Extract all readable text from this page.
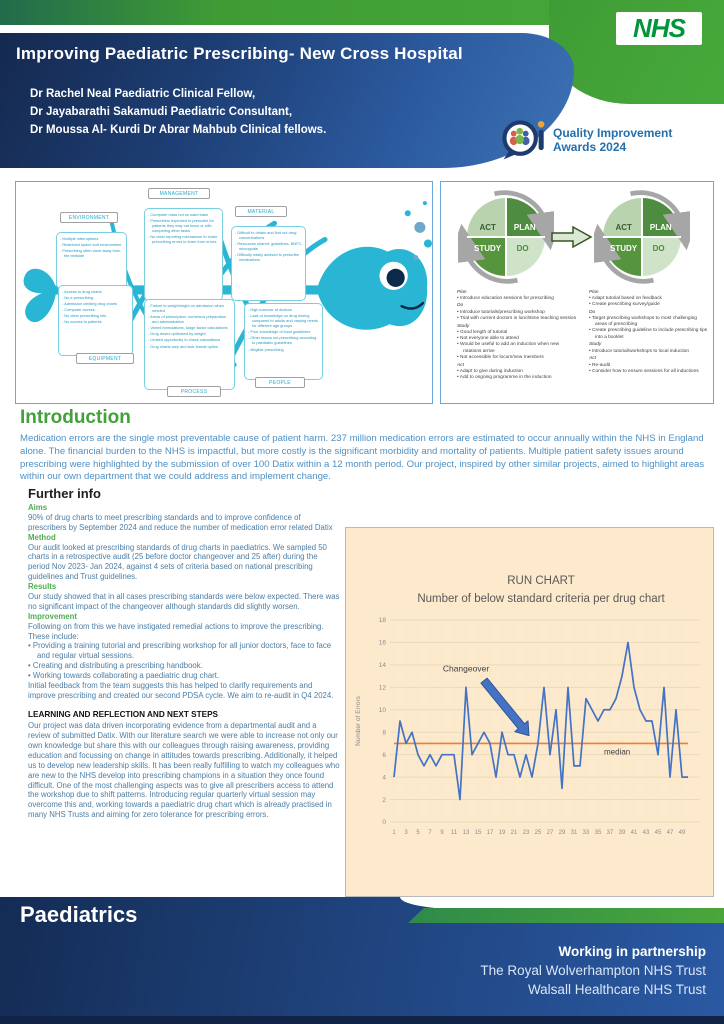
Improving Paediatric Prescribing- New Cross Hospital
Dr Rachel Neal Paediatric Clinical Fellow,
Dr Jayabarathi Sakamudi Paediatric Consultant,
Dr Moussa Al- Kurdi Dr Abrar Mahbub Clinical fellows.
NHS
Quality Improvement
Awards 2024
ENVIRONMENT
- Multiple interruptions
- Restricted space and environment
- Prescribing often done away from the bedside
MANAGEMENT
- Computer rotas not on ward base
- Prescribers expected to prescribe for patients they may not know or with competing other tasks
- No clear reporting mechanism to share prescribing errors to learn from errors
MATERIAL
- Difficult to obtain and find out drug concentrations
- Resources shared: guidelines, BNFC, microguide
- Difficulty easily advised to prescribe medications
EQUIPMENT
- Access to drug charts
- No e-prescribing
- Admission clerking drug charts
- Computer access
- No clear prescribing info
- No access to patients
PROCESS
- Failure to weigh/height on admission when needed
- Areas of prescription: numerous preparation and administration
- Varied formulations, fudge factor calculations
- Drug doses optimised by weight
- Limited opportunity to check calculations
- Drug charts vary and lack formal option
PEOPLE
- High turnover of doctors
- Lack of knowledge on drug dosing compared to adults and varying needs for different age groups
- Poor knowledge of local guidelines
- Other teams not prescribing according to paediatric guidelines
- Illegible prescribing
ACT PLAN
STUDY DO
ACT PLAN
STUDY DO
Plan
• Introduce education sessions for prescribing
Do
• Introduce tutorials/prescribing workshop
• Trial with current doctors in lunchtime teaching session
Study
• Good length of tutorial
• Not everyone able to attend
• Would be useful to add an induction when new rotations arrive
• Not accessible for locum/new members
Act
• Adapt to give during induction
• Add to ongoing programme in the induction
Plan
• Adapt tutorial based on feedback
• Create prescribing survey/guide
Do
• Target prescribing workshops to most challenging areas of prescribing
• Create prescribing guideline to include prescribing tips into a booklet
Study
• Introduce tutorial/workshops to local induction
Act
• Re-audit
• Consider how to ensure sessions for all inductions
Introduction
Medication errors are the single most preventable cause of patient harm. 237 million medication errors are estimated to occur annually within the NHS in England alone. The financial burden to the NHS is impactful, but more costly is the significant morbidity and mortality of patients. Multiple patient safety issues around prescribing were highlighted by the submission of over 100 Datix within a 12 month period. Our project, inspired by other similar projects, aimed to highlight areas within our own department that we could address and implement change.
Further info
Aims
90% of drug charts to meet prescribing standards and to improve confidence of prescribers by September 2024 and reduce the number of medication error related Datix
Method
Our audit looked at prescribing standards of drug charts in paediatrics. We sampled 50 charts in a retrospective audit (25 before doctor changeover and 25 after) during the period Nov 2023- Jan 2024, against 4 sets of criteria based on national prescribing guidelines and Trust guidelines.
Results
Our study showed that in all cases prescribing standards were below expected. There was no significant impact of the changeover although standards did slightly worsen.
Improvement
Following on from this we have instigated remedial actions to improve the prescribing. These include:
• Providing a training tutorial and prescribing workshop for all junior doctors, face to face and regular virtual sessions.
• Creating and distributing a prescribing handbook.
• Working towards collaborating a paediatric drug chart.
Initial feedback from the team suggests this has helped to clarify requirements and improve prescribing and created our second PDSA cycle. We aim to re-audit in Q4 2024.
LEARNING AND REFLECTION AND NEXT STEPS
Our project was data driven incorporating evidence from a departmental audit and a review of submitted Datix. With our literature search we were able to increase not only our own knowledge but share this with our colleagues through raising awareness, providing education and focussing on change in attitudes towards prescribing. Additionally, it helped us to develop new leadership skills. It has been really fulfilling to watch my colleagues who are new to the NHS develop into prescribing champions in a situation they once found difficult. One of the most challenging aspects was to give all prescribers access to attend the workshop due to shift patterns. Introducing regular quarterly virtual session may overcome this and, working towards a paediatric drug chart which is already practised in many NHS Trusts and aiming for zero tolerance for prescribing errors.
RUN CHART
Number of below standard criteria per drug chart
0
2
4
6
8
10
12
14
16
18
1 3 5 7 9 11 13 15 17 19 21 23 25 27 29 31 33 35 37 39 41 43 45 47 49
Number of Errors
median
Changeover
Paediatrics
Working in partnership
The Royal Wolverhampton NHS Trust
Walsall Healthcare NHS Trust
